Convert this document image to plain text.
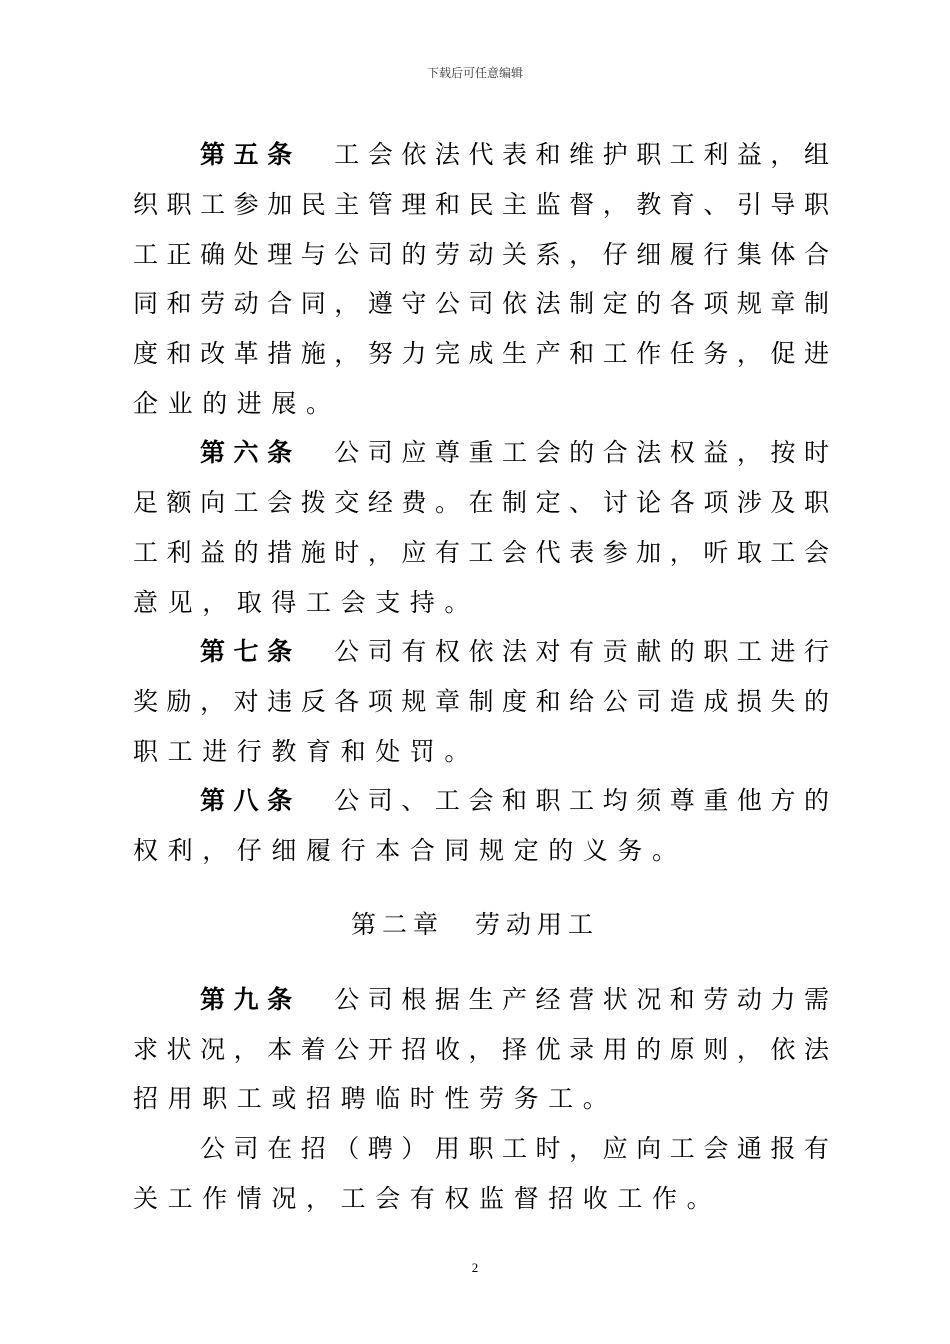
下载后可任意编辑
第五条　 工会依法代表和维护职工利益，组
织职工参加民主管理和民主监督，教育、引导职
工正确处理与公司的劳动关系，仔细履行集体合
同和劳动合同，遵守公司依法制定的各项规章制
度和改革措施，努力完成生产和工作任务，促进
企业的进展。
第六条　 公司应尊重工会的合法权益，按时
足额向工会拨交经费。在制定、讨论各项涉及职
工利益的措施时，应有工会代表参加，听取工会
意见，取得工会支持。
第七条　 公司有权依法对有贡献的职工进行
奖励，对违反各项规章制度和给公司造成损失的
职工进行教育和处罚。
第八条　 公司、工会和职工均须尊重他方的
权利，仔细履行本合同规定的义务。
第二章　 劳动用工
第九条　 公司根据生产经营状况和劳动力需
求状况，本着公开招收，择优录用的原则，依法
招用职工或招聘临时性劳务工。
公司在招（聘）用职工时，应向工会通报有
关工作情况，工会有权监督招收工作。
2
